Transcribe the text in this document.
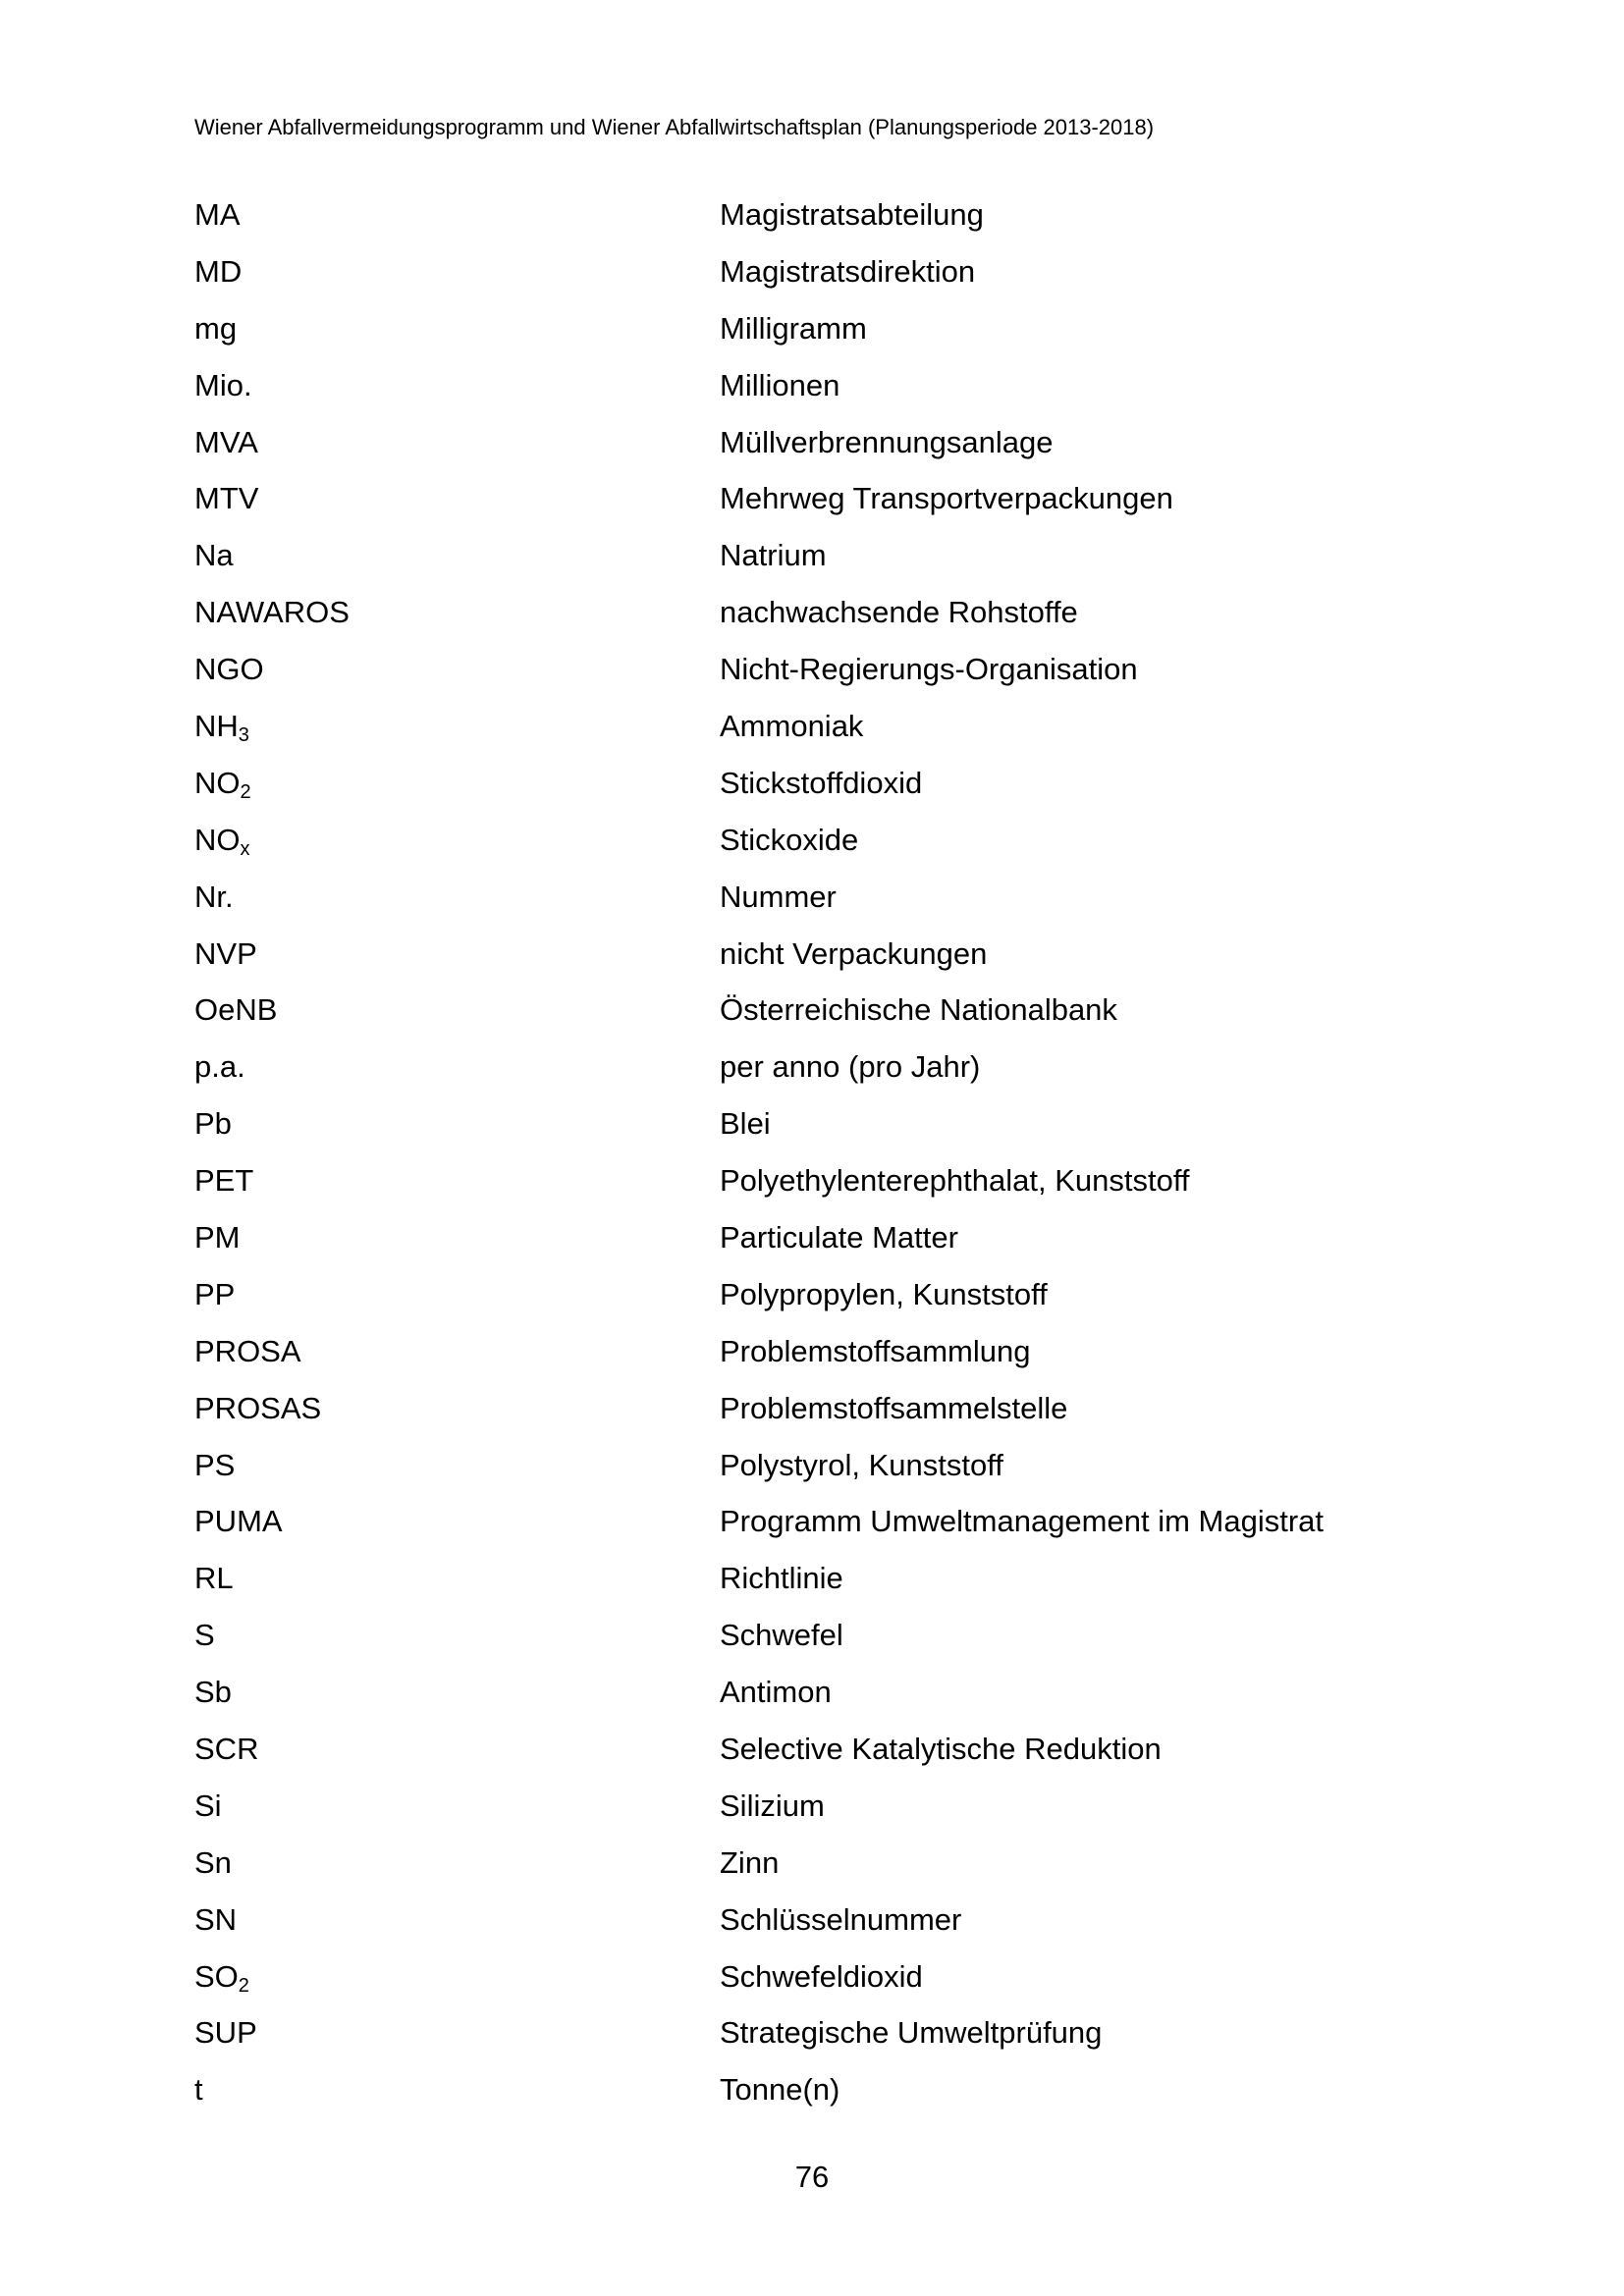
Wiener Abfallvermeidungsprogramm und Wiener Abfallwirtschaftsplan (Planungsperiode 2013-2018)
MA	Magistratsabteilung
MD	Magistratsdirektion
mg	Milligramm
Mio.	Millionen
MVA	Müllverbrennungsanlage
MTV	Mehrweg Transportverpackungen
Na	Natrium
NAWAROS	nachwachsende Rohstoffe
NGO	Nicht-Regierungs-Organisation
$NH_3$	Ammoniak
$NO_2$	Stickstoffdioxid
$NO_x$	Stickoxide
Nr.	Nummer
NVP	nicht Verpackungen
OeNB	Österreichische Nationalbank
p.a.	per anno (pro Jahr)
Pb	Blei
PET	Polyethylenterephthalat, Kunststoff
PM	Particulate Matter
PP	Polypropylen, Kunststoff
PROSA	Problemstoffsammlung
PROSAS	Problemstoffsammelstelle
PS	Polystyrol, Kunststoff
PUMA	Programm Umweltmanagement im Magistrat
RL	Richtlinie
S	Schwefel
Sb	Antimon
SCR	Selective Katalytische Reduktion
Si	Silizium
Sn	Zinn
SN	Schlüsselnummer
$SO_2$	Schwefeldioxid
SUP	Strategische Umweltprüfung
t	Tonne(n)
76
